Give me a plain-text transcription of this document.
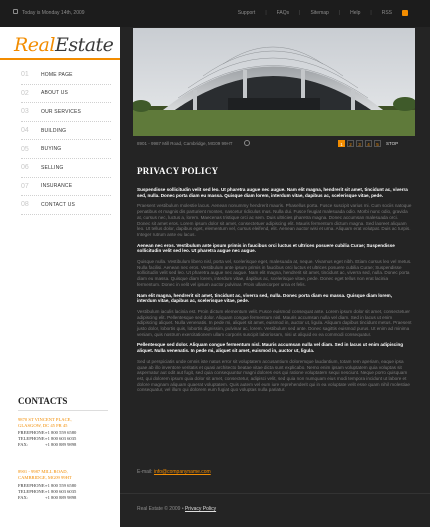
Today is Monday 14th, 2009	Support | FAQs | Sitemap | Help | RSS
RealEstate
01	HOME PAGE
02	ABOUT US
03	OUR SERVICES
04	BUILDING
05	BUYING
06	SELLING
07	INSURANCE
08	CONTACT US
CONTACTS
9870 ST VINCENT PLACE,
GLASGOW, DC 45 FR 45
FREEPHONE: +1 800 559 6580
TELEPHONE: +1 800 603 6035
FAX:	+1 800 889 9898
8901 - 9987 MILL ROAD,
CAMBRIDGE, MG09 99HT
FREEPHONE: +1 800 559 6580
TELEPHONE: +1 800 603 6035
FAX:	+1 800 889 9898
8901 - 9987 Mill Road, Cambridge, MG09 99HT	1	2	3	4	5	STOP
PRIVACY POLICY
Suspendisse sollicitudin velit sed leo. Ut pharetra augue nec augue. Nam elit magna, hendrerit sit amet, tincidunt ac, viverra sed, nulla. Donec porta diam eu massa. Quisque diam lorem, interdum vitae, dapibus ac, scelerisque vitae, pede.
Praesent vestibulum molestie lacus. Aenean nonummy hendrerit mauris. Phasellus porta. Fusce suscipit varius mi. Cum sociis natoque penatibus et magnis dis parturient montes, nascetur ridiculus mus. Nulla dui. Fusce feugiat malesuada odio. Morbi nunc odio, gravida at, cursus nec, luctus a, lorem. Maecenas tristique orci ac sem. Duis ultricies pharetra magna. Donec accumsan malesuada orci. Donec sit amet eros. Lorem ipsum dolor sit amet, consectetuer adipiscing elit. Mauris fermentum dictum magna. Sed laoreet aliquam leo. Ut tellus dolor, dapibus eget, elementum vel, cursus eleifend, elit. Aenean auctor wisi et urna. Aliquam erat volutpat. Duis ac turpis. Integer rutrum ante eu lacus.
Aenean nec eros. Vestibulum ante ipsum primis in faucibus orci luctus et ultrices posuere cubilia Curae; Suspendisse sollicitudin velit sed leo. Ut pharetra augue nec augue.
Quisque nulla. Vestibulum libero nisl, porta vel, scelerisque eget, malesuada at, neque. Vivamus eget nibh. Etiam cursus leo vel metus. Nulla facilisi. Aenean nec eros. Vestibulum ante ipsum primis in faucibus orci luctus et ultrices posuere cubilia Curae; Suspendisse sollicitudin velit sed leo. Ut pharetra augue nec augue. Nam elit magna, hendrerit sit amet, tincidunt ac, viverra sed, nulla. Donec porta diam eu massa. Quisque diam lorem, interdum vitae, dapibus ac, scelerisque vitae, pede. Donec eget tellus non erat lacinia fermentum. Donec in velit vel ipsum auctor pulvinar. Proin ullamcorper urna et felis.
Nam elit magna, hendrerit sit amet, tincidunt ac, viverra sed, nulla. Donec porta diam eu massa. Quisque diam lorem, interdum vitae, dapibus ac, scelerisque vitae, pede.
Vestibulum iaculis lacinia est. Proin dictum elementum velit. Fusce euismod consequat ante. Lorem ipsum dolor sit amet, consectetuer adipiscing elit. Pellentesque sed dolor. Aliquam congue fermentum nisl. Mauris accumsan nulla vel diam. Sed in lacus ut enim adipiscing aliquet. Nulla venenatis. In pede mi, aliquet sit amet, euismod in, auctor ut, ligula. Aliquam dapibus tincidunt metus. Praesent justo dolor, lobortis quis, lobortis dignissim, pulvinar ac, lorem. Vestibulum sed ante. Donec sagittis euismod purus. Ut enim ad minima veniam, quis nostrum exercitationem ullam corporis suscipit laboriosam, nisi ut aliquid ex ea commodi consequatur.
Pellentesque sed dolor. Aliquam congue fermentum nisl. Mauris accumsan nulla vel diam. Sed in lacus ut enim adipiscing aliquet. Nulla venenatis. In pede mi, aliquet sit amet, euismod in, auctor ut, ligula.
Sed ut perspiciatis unde omnis iste natus error sit voluptatem accusantium doloremque laudantium, totam rem aperiam, eaque ipsa quae ab illo inventore veritatis et quasi architecto beatae vitae dicta sunt explicabo. Nemo enim ipsam voluptatem quia voluptas sit aspernatur aut odit aut fugit, sed quia consequuntur magni dolores eos qui ratione voluptatem sequi nesciunt. Neque porro quisquam est, qui dolorem ipsum quia dolor sit amet, consectetur, adipisci velit, sed quia non numquam eius modi tempora incidunt ut labore et dolore magnam aliquam quaerat voluptatem. Quis autem vel eum iure reprehenderit qui in ea voluptate velit esse quam nihil molestiae consequatur, vel illum qui dolorem eum fugiat quo voluptas nulla pariatur.
E-mail: info@companyname.com
Real Estate © 2009 • Privacy Policy
